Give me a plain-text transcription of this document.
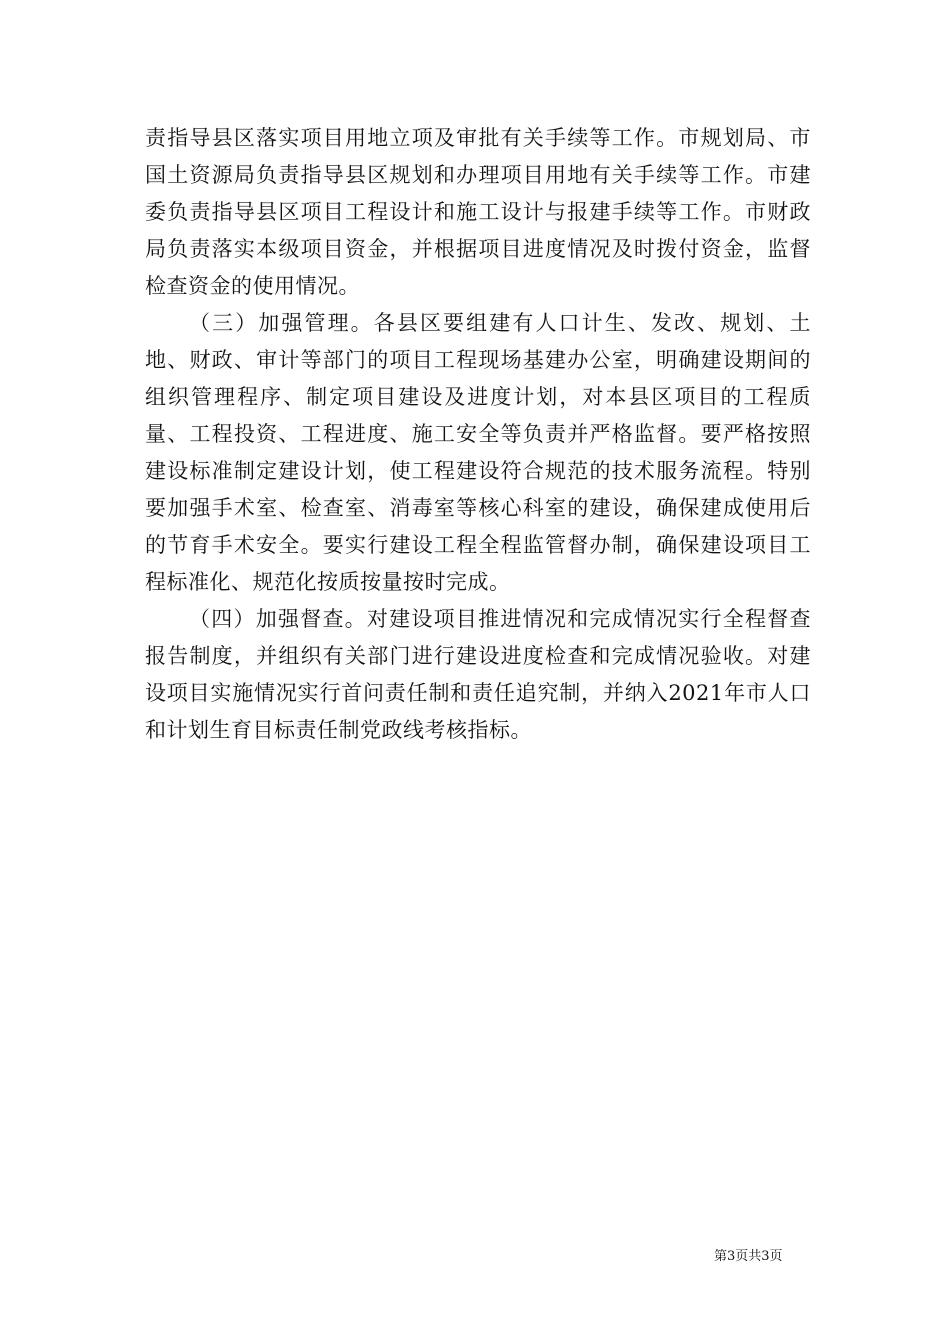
责指导县区落实项目用地立项及审批有关手续等工作。市规划局、市国土资源局负责指导县区规划和办理项目用地有关手续等工作。市建委负责指导县区项目工程设计和施工设计与报建手续等工作。市财政局负责落实本级项目资金，并根据项目进度情况及时拨付资金，监督检查资金的使用情况。

（三）加强管理。各县区要组建有人口计生、发改、规划、土地、财政、审计等部门的项目工程现场基建办公室，明确建设期间的组织管理程序、制定项目建设及进度计划，对本县区项目的工程质量、工程投资、工程进度、施工安全等负责并严格监督。要严格按照建设标准制定建设计划，使工程建设符合规范的技术服务流程。特别要加强手术室、检查室、消毒室等核心科室的建设，确保建成使用后的节育手术安全。要实行建设工程全程监管督办制，确保建设项目工程标准化、规范化按质按量按时完成。

（四）加强督查。对建设项目推进情况和完成情况实行全程督查报告制度，并组织有关部门进行建设进度检查和完成情况验收。对建设项目实施情况实行首问责任制和责任追究制，并纳入2021年市人口和计划生育目标责任制党政线考核指标。

第3页共3页
